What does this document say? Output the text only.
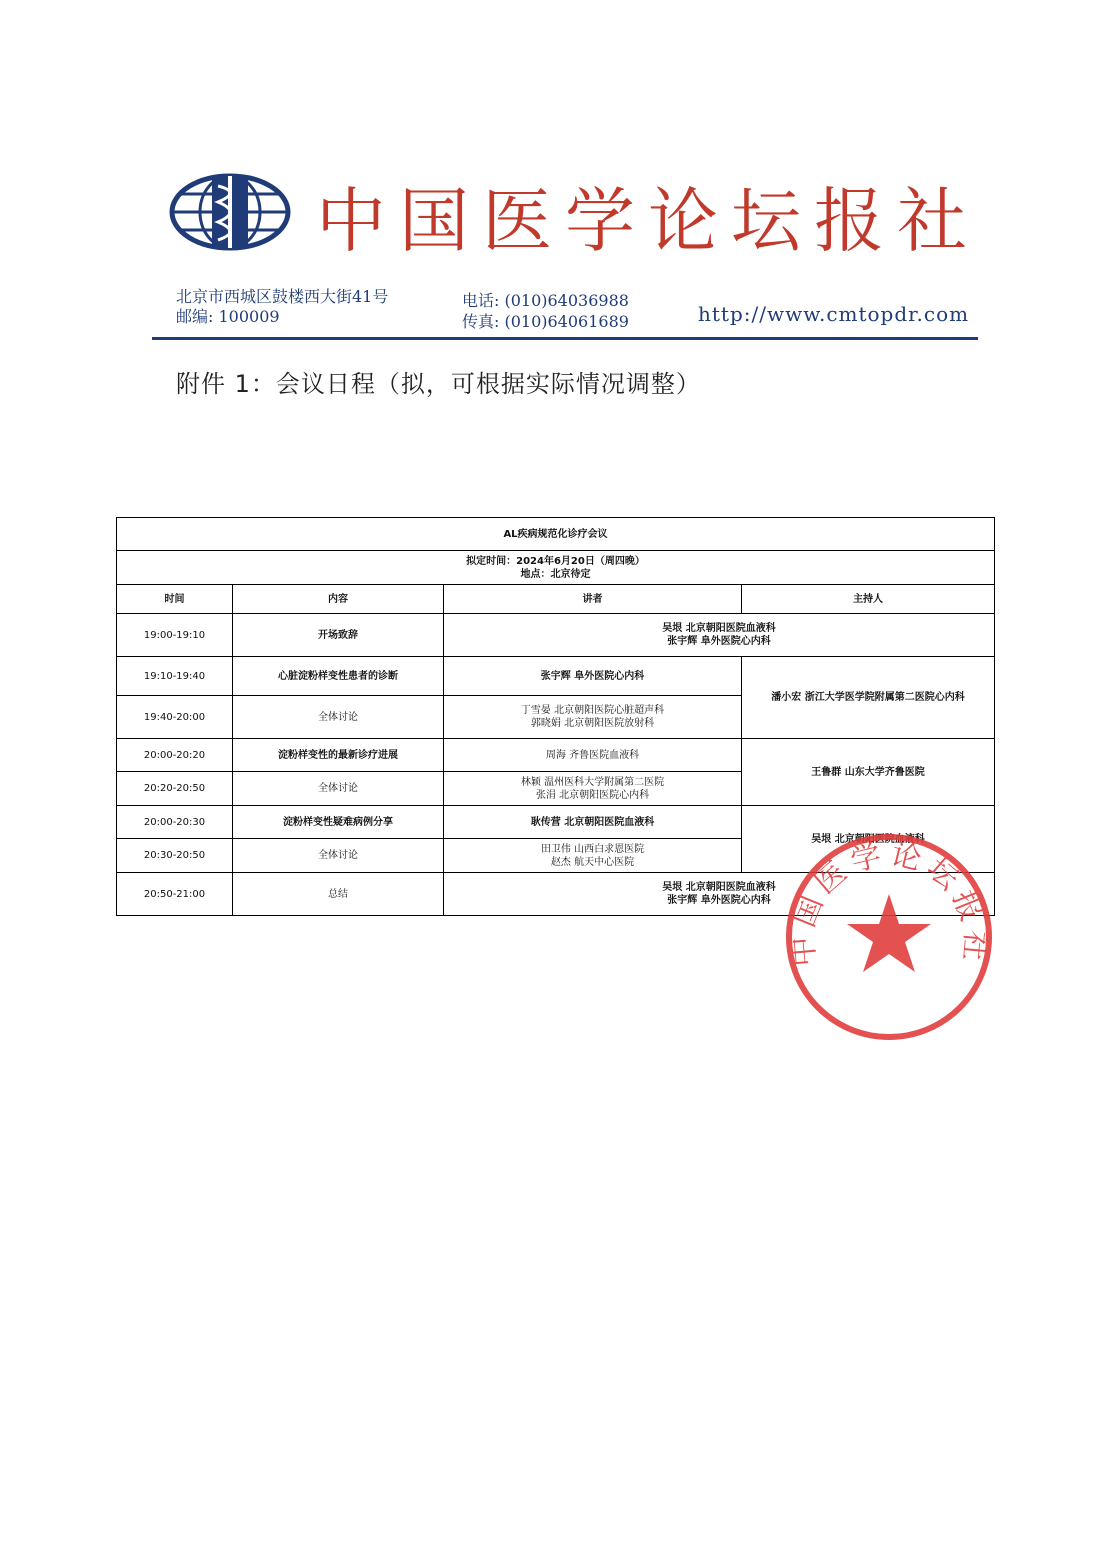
中国医学论坛报社
北京市西城区鼓楼西大街41号
邮编: 100009
电话: (010)64036988
传真: (010)64061689	http://www.cmtopdr.com
附件 1：会议日程（拟，可根据实际情况调整）
AL疾病规范化诊疗会议			

拟定时间：2024年6月20日（周四晚）
地点：北京待定			

时间	内容	讲者	主持人
19:00-19:10	开场致辞	吴垠 北京朝阳医院血液科
张宇辉 阜外医院心内科	

19:10-19:40	心脏淀粉样变性患者的诊断	张宇辉 阜外医院心内科	潘小宏 浙江大学医学院附属第二医院心内科
19:40-20:00	全体讨论	丁雪晏 北京朝阳医院心脏超声科
郭晓娟 北京朝阳医院放射科	

20:00-20:20	淀粉样变性的最新诊疗进展	周海 齐鲁医院血液科	王鲁群 山东大学齐鲁医院
20:20-20:50	全体讨论	林颖 温州医科大学附属第二医院
张涓 北京朝阳医院心内科	

20:00-20:30	淀粉样变性疑难病例分享	耿传营 北京朝阳医院血液科	吴垠 北京朝阳医院血液科
20:30-20:50	全体讨论	田卫伟 山西白求恩医院
赵杰 航天中心医院	

20:50-21:00	总结	吴垠 北京朝阳医院血液科
张宇辉 阜外医院心内科	
中国医学论坛报社
